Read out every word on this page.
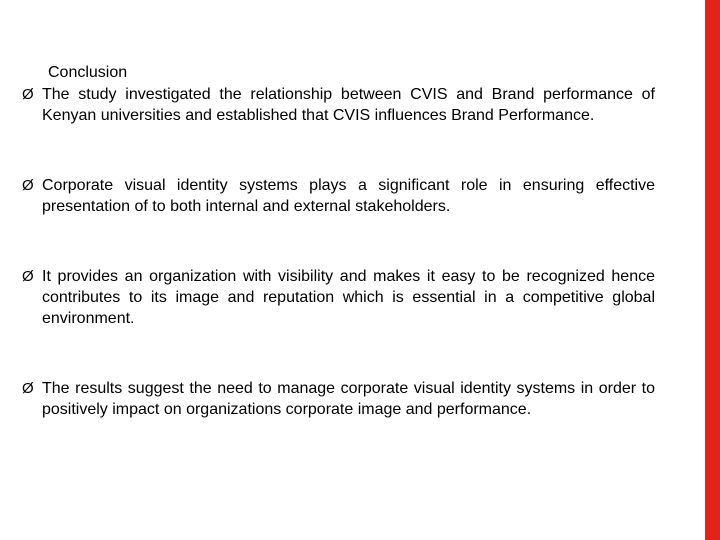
Conclusion
Ø The study investigated the relationship between CVIS and Brand performance of Kenyan universities and established that CVIS influences Brand Performance.
Ø Corporate visual identity systems plays a significant role in ensuring effective presentation of to both internal and external stakeholders.
Ø It provides an organization with visibility and makes it easy to be recognized hence contributes to its image and reputation which is essential in a competitive global environment.
Ø The results suggest the need to manage corporate visual identity systems in order to positively impact on organizations corporate image and performance.
